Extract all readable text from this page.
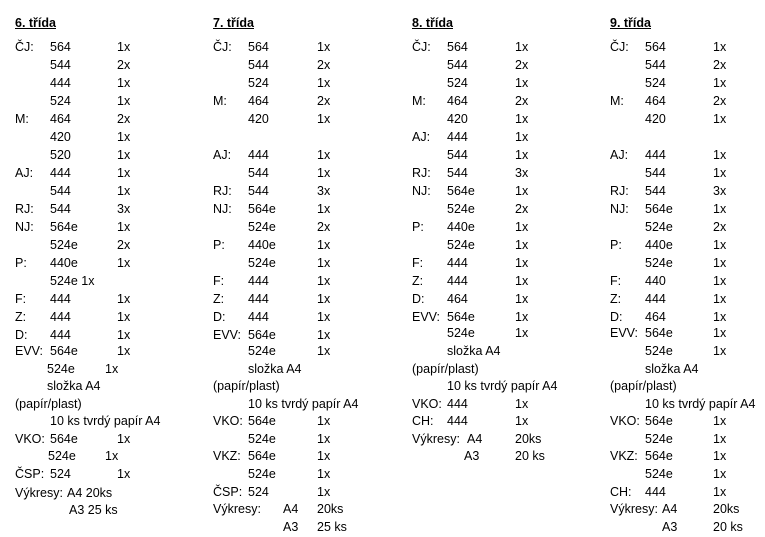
6. třída
ČJ: 564	1x
544	2x
444	1x
524	1x
M: 464	2x
420	1x
520	1x
AJ: 444	1x
544	1x
RJ: 544	3x
NJ: 564e	1x
524e	2x
P: 440e	1x
524e 1x
F: 444	1x
Z: 444	1x
D: 444	1x
EVV: 564e	1x
524e 1x
složka A4
(papír/plast)
10 ks tvrdý papír A4
VKO: 564e	1x
524e 1x
ČSP: 524	1x
Výkresy: A4 20ks
A3 25 ks
7. třída
ČJ: 564	1x
544	2x
524	1x
M: 464	2x
420	1x
AJ: 444	1x
544	1x
RJ: 544	3x
NJ: 564e	1x
524e	2x
P: 440e	1x
524e	1x
F: 444	1x
Z: 444	1x
D: 444	1x
EVV: 564e	1x
524e	1x
složka A4
(papír/plast)
10 ks tvrdý papír A4
VKO: 564e	1x
524e	1x
VKZ: 564e	1x
524e	1x
ČSP: 524	1x
Výkresy: A4 20ks
A3 25 ks
8. třída
ČJ: 564	1x
544	2x
524	1x
M: 464	2x
420	1x
AJ: 444	1x
544	1x
RJ: 544	3x
NJ: 564e	1x
524e	2x
P: 440e	1x
524e	1x
F: 444	1x
Z: 444	1x
D: 464	1x
EVV: 564e	1x
524e	1x
složka A4
(papír/plast)
10 ks tvrdý papír A4
VKO: 444	1x
CH: 444	1x
Výkresy: A4	20ks
A3	20 ks
9. třída
ČJ: 564	1x
544	2x
524	1x
M: 464	2x
420	1x
AJ: 444	1x
544	1x
RJ: 544	3x
NJ: 564e	1x
524e	2x
P: 440e	1x
524e	1x
F: 440	1x
Z: 444	1x
D: 464	1x
EVV: 564e	1x
524e	1x
složka A4
(papír/plast)
10 ks tvrdý papír A4
VKO: 564e	1x
524e	1x
VKZ: 564e	1x
524e	1x
CH: 444	1x
Výkresy: A4	20ks
A3	20 ks
